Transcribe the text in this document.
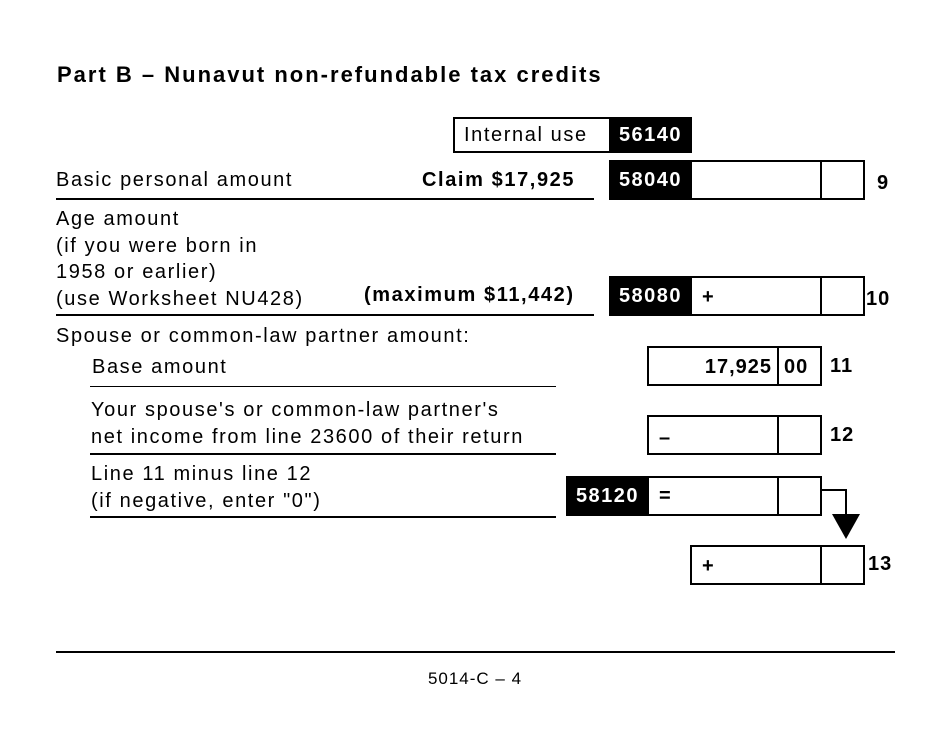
Part B – Nunavut non-refundable tax credits
Internal use	56140
Basic personal amount	Claim $17,925	58040	9
Age amount
(if you were born in
1958 or earlier)
(use Worksheet NU428)	(maximum $11,442)	58080 +	10
Spouse or common-law partner amount:
Base amount	17,925 00 11
Your spouse's or common-law partner's
net income from line 23600 of their return	–	12
Line 11 minus line 12
(if negative, enter "0")	58120 =
+	13
5014-C – 4
